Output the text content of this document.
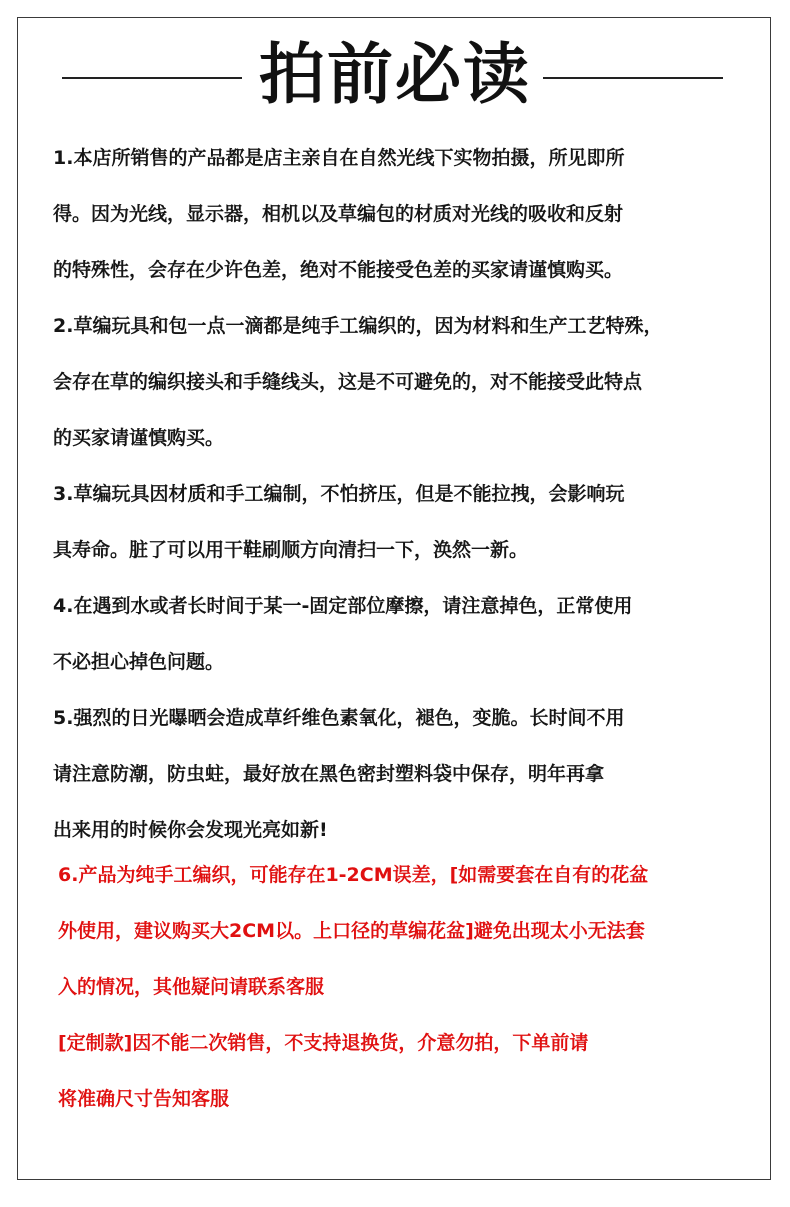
拍前必读
1.本店所销售的产品都是店主亲自在自然光线下实物拍摄，所见即所
得。因为光线，显示器，相机以及草编包的材质对光线的吸收和反射
的特殊性，会存在少许色差，绝对不能接受色差的买家请谨慎购买。
2.草编玩具和包一点一滴都是纯手工编织的，因为材料和生产工艺特殊，
会存在草的编织接头和手缝线头，这是不可避免的，对不能接受此特点
的买家请谨慎购买。
3.草编玩具因材质和手工编制，不怕挤压，但是不能拉拽，会影响玩
具寿命。脏了可以用干鞋刷顺方向清扫一下，涣然一新。
4.在遇到水或者长时间于某一-固定部位摩擦，请注意掉色，正常使用
不必担心掉色问题。
5.强烈的日光曝晒会造成草纤维色素氧化，褪色，变脆。长时间不用
请注意防潮，防虫蛀，最好放在黑色密封塑料袋中保存，明年再拿
出来用的时候你会发现光亮如新!
6.产品为纯手工编织，可能存在1-2CM误差，[如需要套在自有的花盆
外使用，建议购买大2CM以。上口径的草编花盆]避免出现太小无法套
入的情况，其他疑问请联系客服
[定制款]因不能二次销售，不支持退换货，介意勿拍，下单前请
将准确尺寸告知客服
